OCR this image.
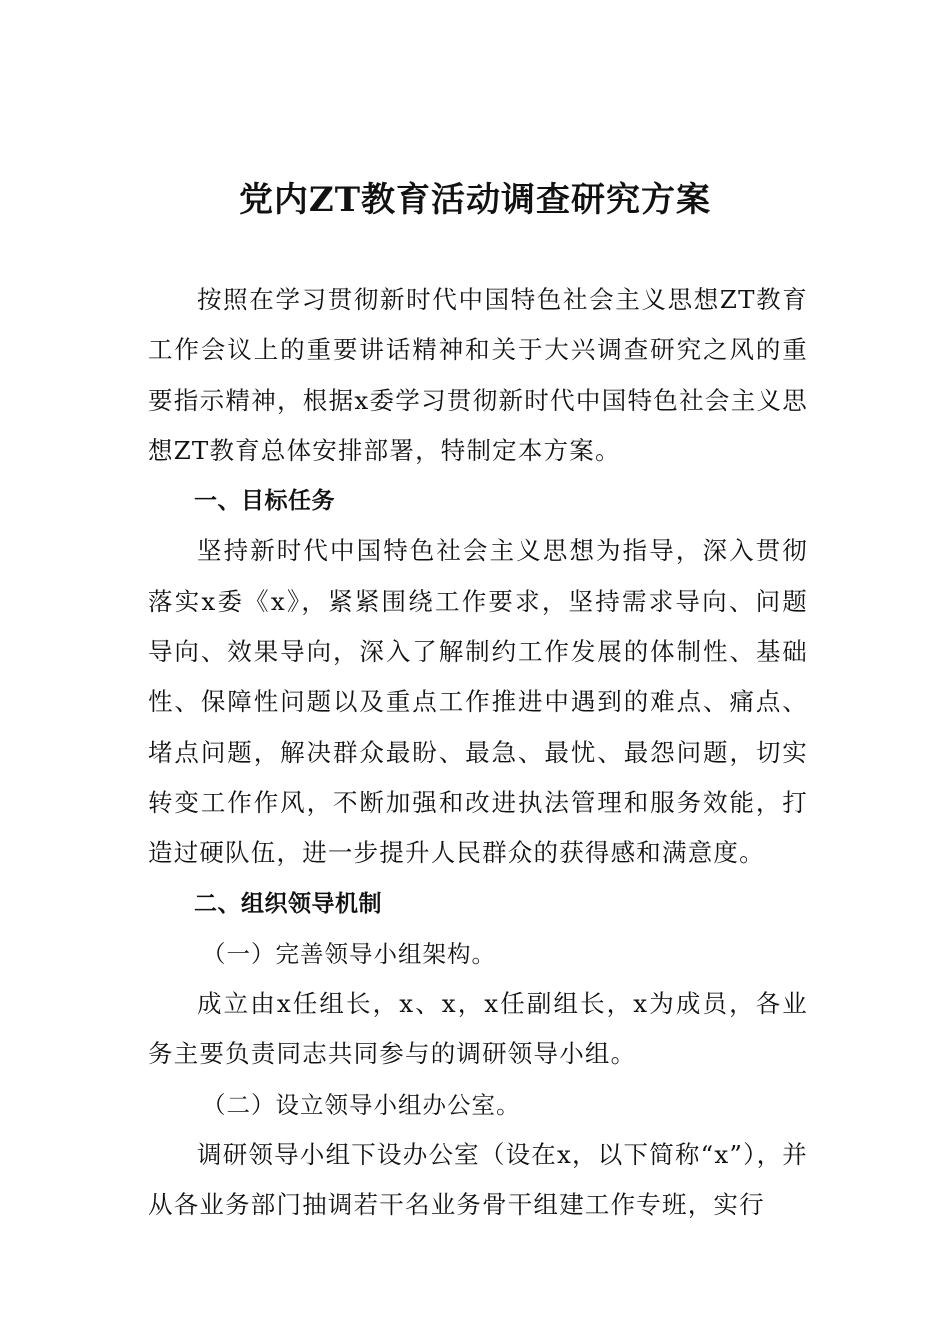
党内ZT教育活动调查研究方案

按照在学习贯彻新时代中国特色社会主义思想ZT教育工作会议上的重要讲话精神和关于大兴调查研究之风的重要指示精神，根据x委学习贯彻新时代中国特色社会主义思想ZT教育总体安排部署，特制定本方案。

一、目标任务

坚持新时代中国特色社会主义思想为指导，深入贯彻落实x委《x》，紧紧围绕工作要求，坚持需求导向、问题导向、效果导向，深入了解制约工作发展的体制性、基础性、保障性问题以及重点工作推进中遇到的难点、痛点、堵点问题，解决群众最盼、最急、最忧、最怨问题，切实转变工作作风，不断加强和改进执法管理和服务效能，打造过硬队伍，进一步提升人民群众的获得感和满意度。

二、组织领导机制

（一）完善领导小组架构。

成立由x任组长，x、x，x任副组长，x为成员，各业务主要负责同志共同参与的调研领导小组。

（二）设立领导小组办公室。

调研领导小组下设办公室（设在x，以下简称“x”），并从各业务部门抽调若干名业务骨干组建工作专班，实行
